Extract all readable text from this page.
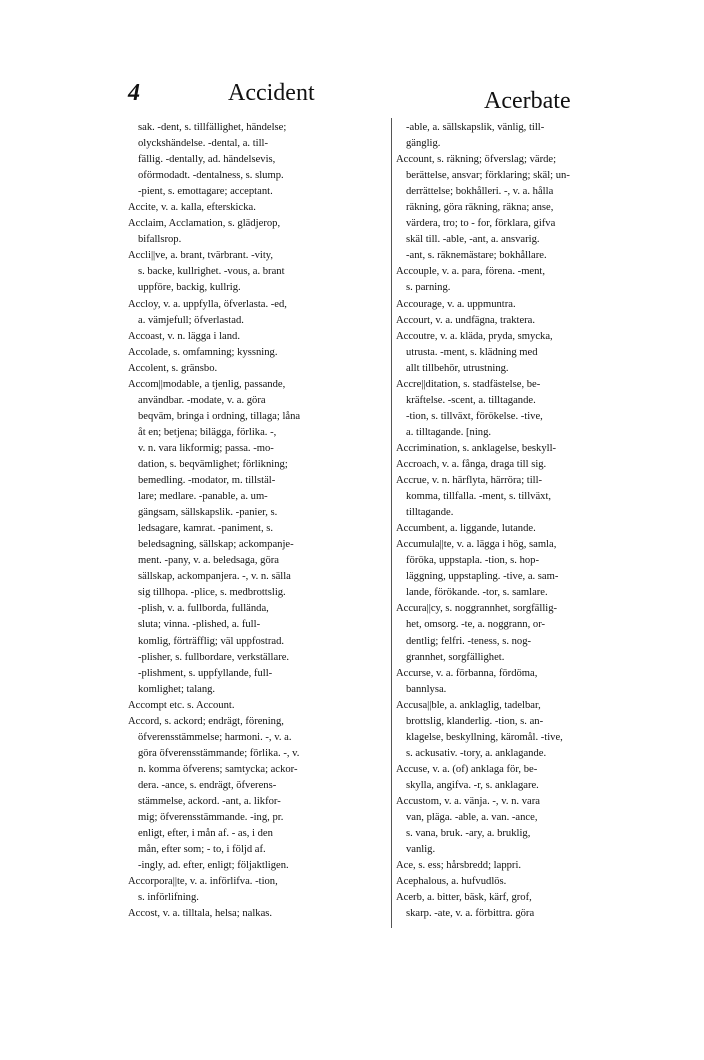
4	Accident	Acerbate
sak. -dent, s. tillfällighet, händelse;
olyckshändelse. -dental, a. till-
fällig. -dentally, ad. händelsevis,
oförmodadt. -dentalness, s. slump.
-pient, s. emottagare; acceptant.
Accite, v. a. kalla, efterskicka.
Acclaim, Acclamation, s. glädjerop,
bifallsrop.
Accli||ve, a. brant, tvärbrant. -vity,
s. backe, kullrighet. -vous, a. brant
uppföre, backig, kullrig.
Accloy, v. a. uppfylla, öfverlasta. -ed,
a. vämjefull; öfverlastad.
Accoast, v. n. lägga i land.
Accolade, s. omfamning; kyssning.
Accolent, s. gränsbo.
Accom||modable, a tjenlig, passande,
användbar. -modate, v. a. göra
beqväm, bringa i ordning, tillaga; låna
åt en; betjena; bilägga, förlika. -,
v. n. vara likformig; passa. -mo-
dation, s. beqvämlighet; förlikning;
bemedling. -modator, m. tillstäl-
lare; medlare. -panable, a. um-
gängsam, sällskapslik. -panier, s.
ledsagare, kamrat. -paniment, s.
beledsagning, sällskap; ackompanje-
ment. -pany, v. a. beledsaga, göra
sällskap, ackompanjera. -, v. n. sälla
sig tillhopa. -plice, s. medbrottslig.
-plish, v. a. fullborda, fullända,
sluta; vinna. -plished, a. full-
komlig, förträfflig; väl uppfostrad.
-plisher, s. fullbordare, verkställare.
-plishment, s. uppfyllande, full-
komlighet; talang.
Accompt etc. s. Account.
Accord, s. ackord; endrägt, förening,
öfverensstämmelse; harmoni. -, v. a.
göra öfverensstämmande; förlika. -, v.
n. komma öfverens; samtycka; ackor-
dera. -ance, s. endrägt, öfverens-
stämmelse, ackord. -ant, a. likfor-
mig; öfverensstämmande. -ing, pr.
enligt, efter, i mån af. - as, i den
mån, efter som; - to, i följd af.
-ingly, ad. efter, enligt; följaktligen.
Accorpora||te, v. a. införlifva. -tion,
s. införlifning.
Accost, v. a. tilltala, helsa; nalkas.
-able, a. sällskapslik, vänlig, till-
gänglig.
Account, s. räkning; öfverslag; värde;
berättelse, ansvar; förklaring; skäl; un-
derrättelse; bokhålleri. -, v. a. hålla
räkning, göra räkning, räkna; anse,
värdera, tro; to - for, förklara, gifva
skäl till. -able, -ant, a. ansvarig.
-ant, s. räknemästare; bokhållare.
Accouple, v. a. para, förena. -ment,
s. parning.
Accourage, v. a. uppmuntra.
Accourt, v. a. undfägna, traktera.
Accoutre, v. a. kläda, pryda, smycka,
utrusta. -ment, s. klädning med
allt tillbehör, utrustning.
Accre||ditation, s. stadfästelse, be-
kräftelse. -scent, a. tilltagande.
-tion, s. tillväxt, förökelse. -tive,
a. tilltagande. [ning.
Accrimination, s. anklagelse, beskyll-
Accroach, v. a. fånga, draga till sig.
Accrue, v. n. härflyta, härröra; till-
komma, tillfalla. -ment, s. tillväxt,
tilltagande.
Accumbent, a. liggande, lutande.
Accumula||te, v. a. lägga i hög, samla,
föröka, uppstapla. -tion, s. hop-
läggning, uppstapling. -tive, a. sam-
lande, förökande. -tor, s. samlare.
Accura||cy, s. noggrannhet, sorgfällig-
het, omsorg. -te, a. noggrann, or-
dentlig; felfri. -teness, s. nog-
grannhet, sorgfällighet.
Accurse, v. a. förbanna, fördöma,
bannlysa.
Accusa||ble, a. anklaglig, tadelbar,
brottslig, klanderlig. -tion, s. an-
klagelse, beskyllning, käromål. -tive,
s. ackusativ. -tory, a. anklagande.
Accuse, v. a. (of) anklaga för, be-
skylla, angifva. -r, s. anklagare.
Accustom, v. a. vänja. -, v. n. vara
van, pläga. -able, a. van. -ance,
s. vana, bruk. -ary, a. bruklig,
vanlig.
Ace, s. ess; hårsbredd; lappri.
Acephalous, a. hufvudlös.
Acerb, a. bitter, bäsk, kärf, grof,
skarp. -ate, v. a. förbittra. göra
